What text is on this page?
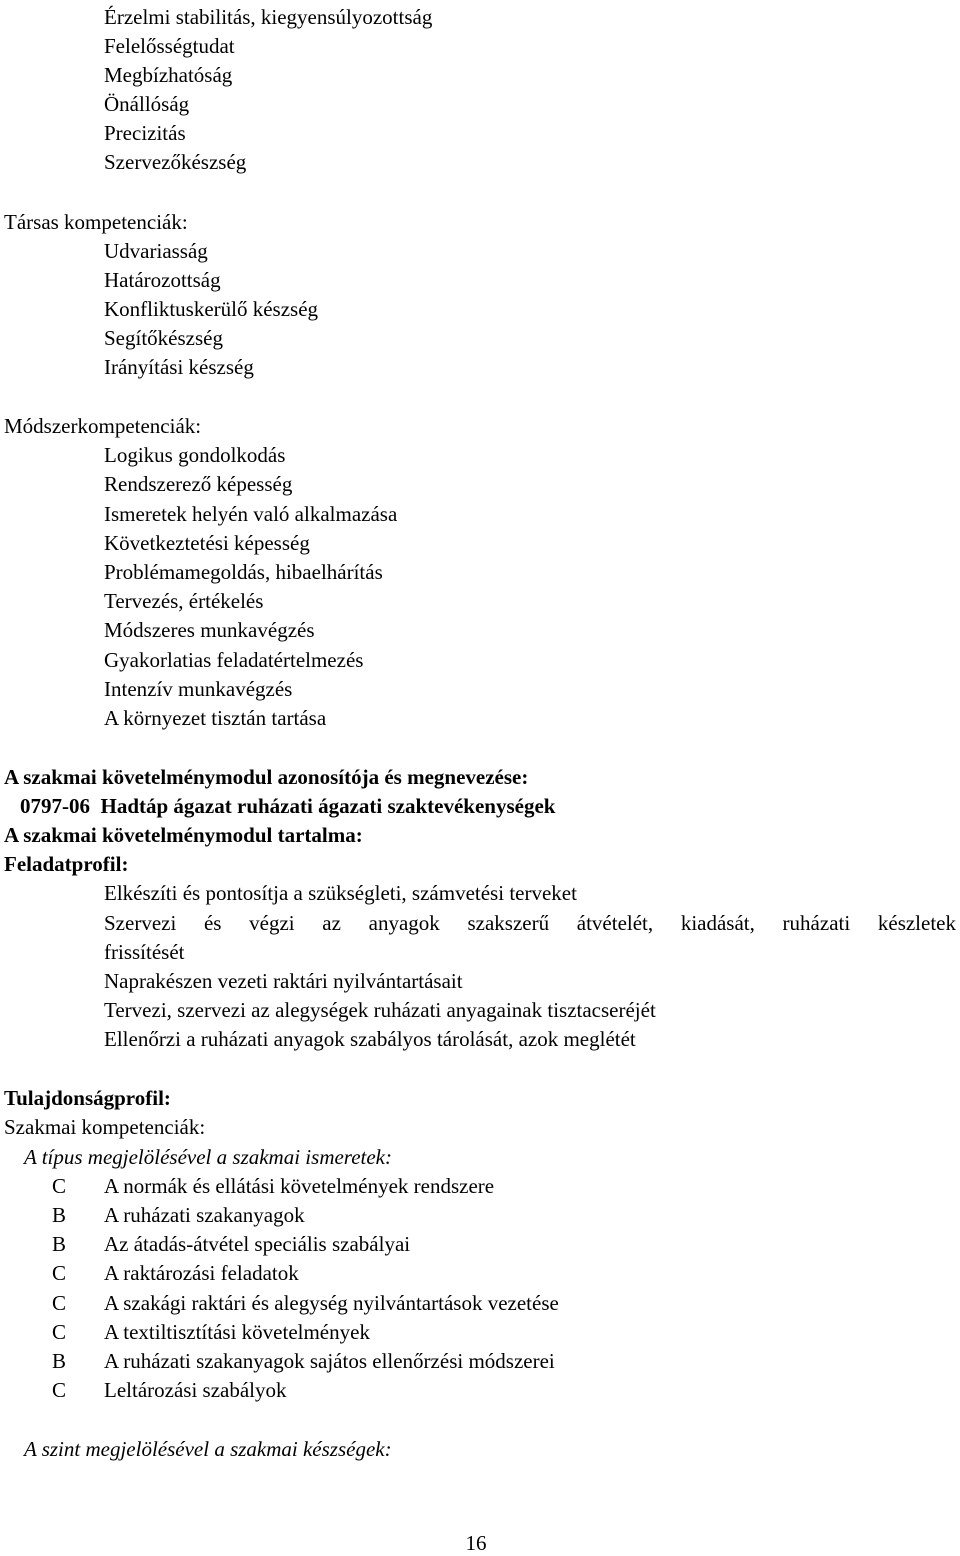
Érzelmi stabilitás, kiegyensúlyozottság
Felelősségtudat
Megbízhatóság
Önállóság
Precizitás
Szervezőkészség
Társas kompetenciák:
Udvariasság
Határozottság
Konfliktuskerülő készség
Segítőkészség
Irányítási készség
Módszerkompetenciák:
Logikus gondolkodás
Rendszerező képesség
Ismeretek helyén való alkalmazása
Következtetési képesség
Problémamegoldás, hibaelhárítás
Tervezés, értékelés
Módszeres munkavégzés
Gyakorlatias feladatértelmezés
Intenzív munkavégzés
A környezet tisztán tartása
A szakmai követelménymodul azonosítója és megnevezése:
0797-06  Hadtáp ágazat ruházati ágazati szaktevékenységek
A szakmai követelménymodul tartalma:
Feladatprofil:
Elkészíti és pontosítja a szükségleti, számvetési terveket
Szervezi és végzi az anyagok szakszerű átvételét, kiadását, ruházati készletek
frissítését
Naprakészen vezeti raktári nyilvántartásait
Tervezi, szervezi az alegységek ruházati anyagainak tisztacseréjét
Ellenőrzi a ruházati anyagok szabályos tárolását, azok meglétét
Tulajdonságprofil:
Szakmai kompetenciák:
A típus megjelölésével a szakmai ismeretek:
C	A normák és ellátási követelmények rendszere
B	A ruházati szakanyagok
B	Az átadás-átvétel speciális szabályai
C	A raktározási feladatok
C	A szakági raktári és alegység nyilvántartások vezetése
C	A textiltisztítási követelmények
B	A ruházati szakanyagok sajátos ellenőrzési módszerei
C	Leltározási szabályok
A szint megjelölésével a szakmai készségek:
16
